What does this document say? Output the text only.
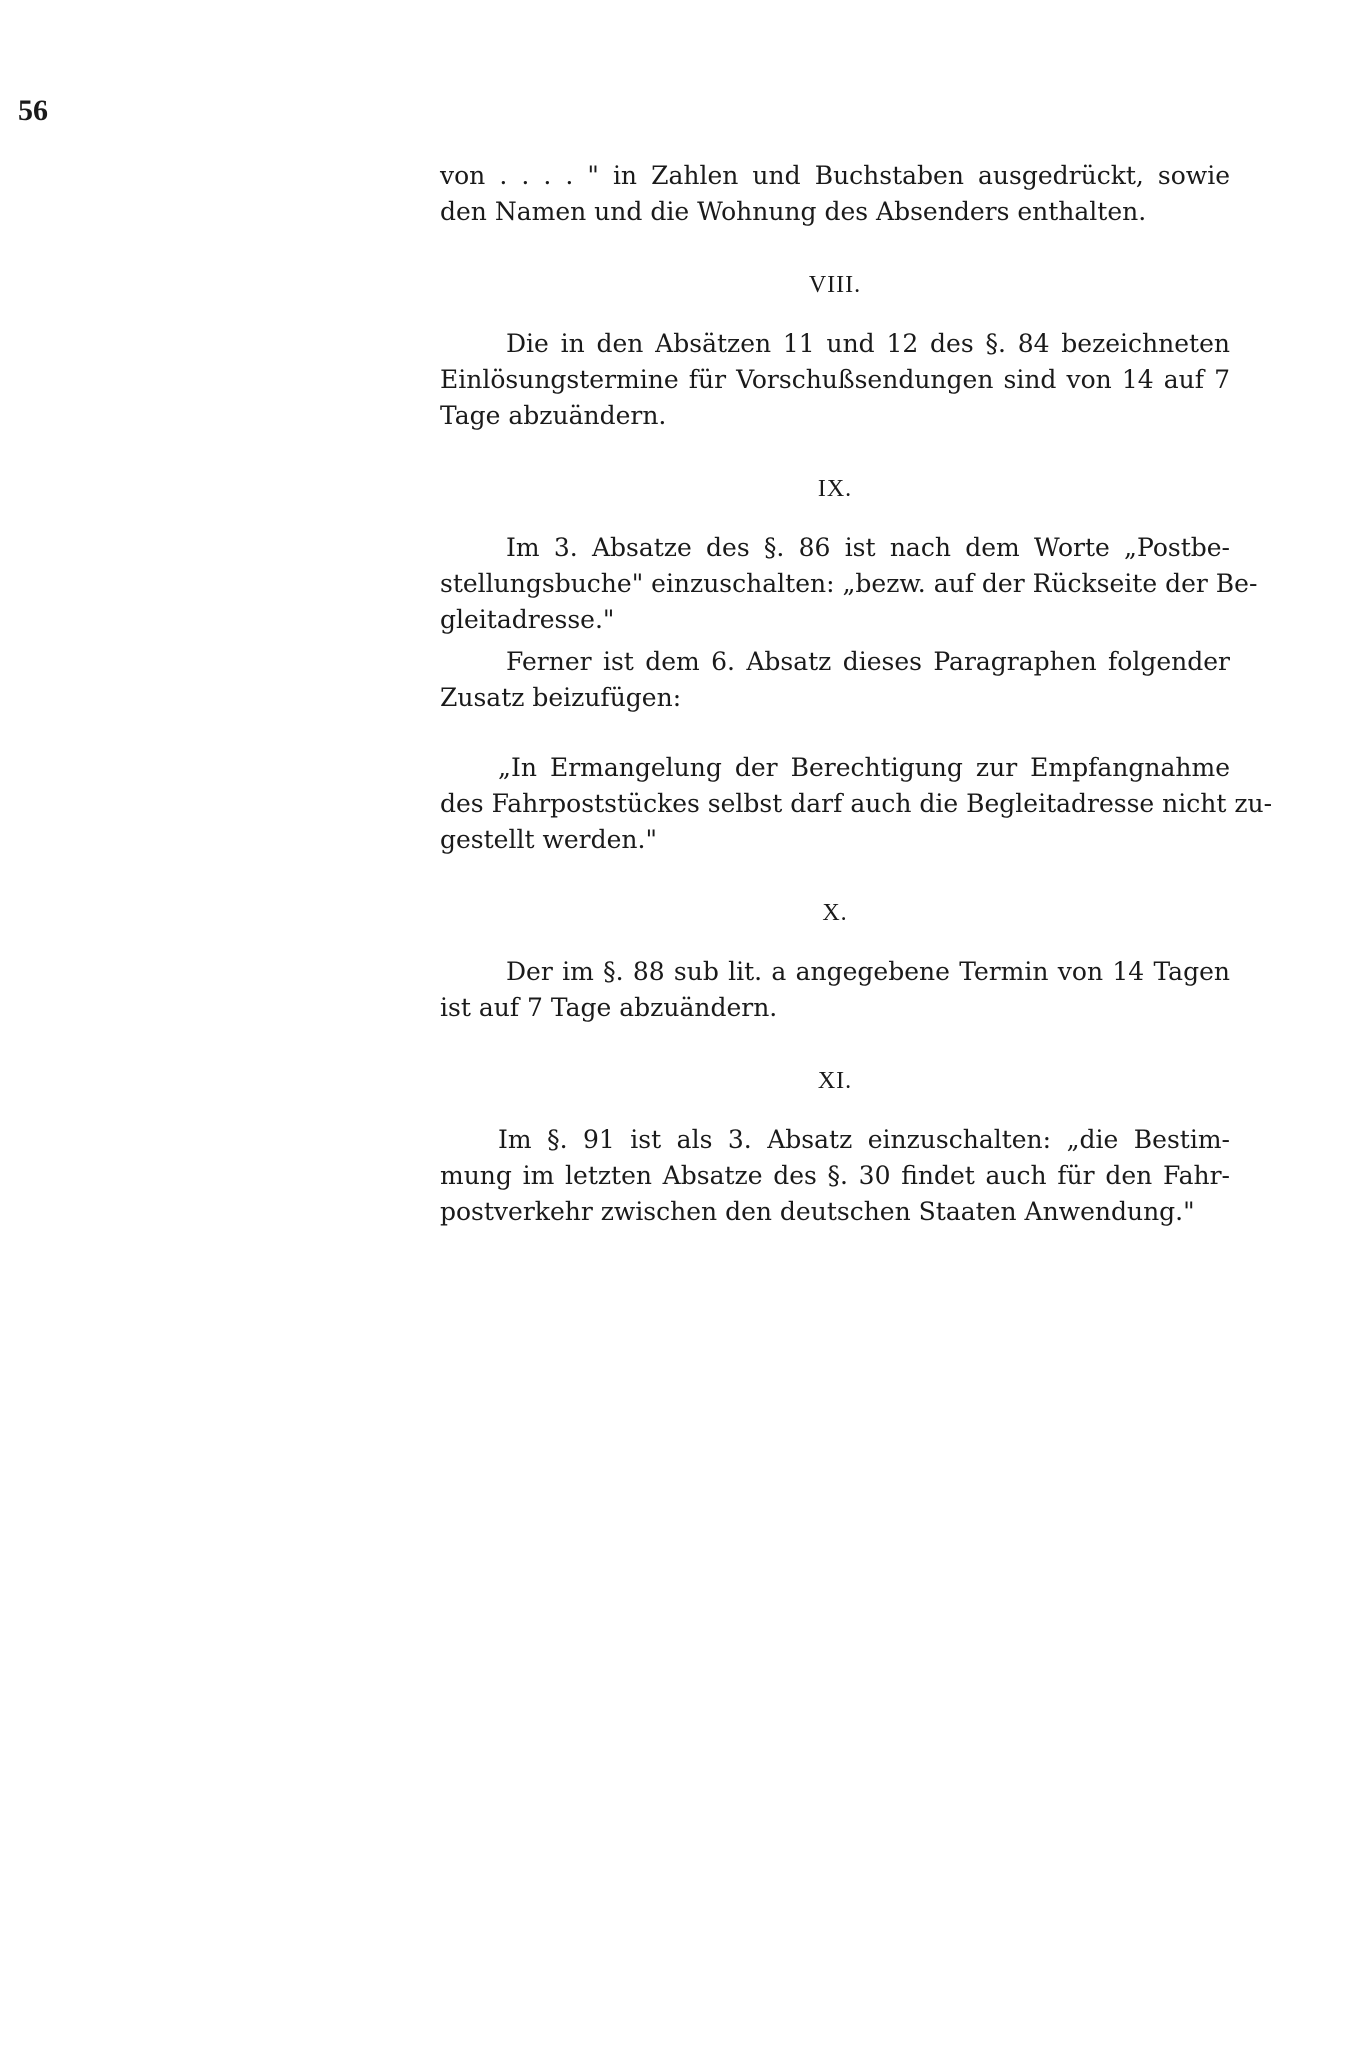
56
von . . . . " in Zahlen und Buchstaben ausgedrückt, sowie
den Namen und die Wohnung des Absenders enthalten.
VIII.
Die in den Absätzen 11 und 12 des §. 84 bezeichneten
Einlösungstermine für Vorschußsendungen sind von 14 auf 7
Tage abzuändern.
IX.
Im 3. Absatze des §. 86 ist nach dem Worte „Postbe-
stellungsbuche" einzuschalten: „bezw. auf der Rückseite der Be-
gleitadresse."
Ferner ist dem 6. Absatz dieses Paragraphen folgender
Zusatz beizufügen:
„In Ermangelung der Berechtigung zur Empfangnahme
des Fahrpoststückes selbst darf auch die Begleitadresse nicht zu-
gestellt werden."
X.
Der im §. 88 sub lit. a angegebene Termin von 14 Tagen
ist auf 7 Tage abzuändern.
XI.
Im §. 91 ist als 3. Absatz einzuschalten: „die Bestim-
mung im letzten Absatze des §. 30 findet auch für den Fahr-
postverkehr zwischen den deutschen Staaten Anwendung."
